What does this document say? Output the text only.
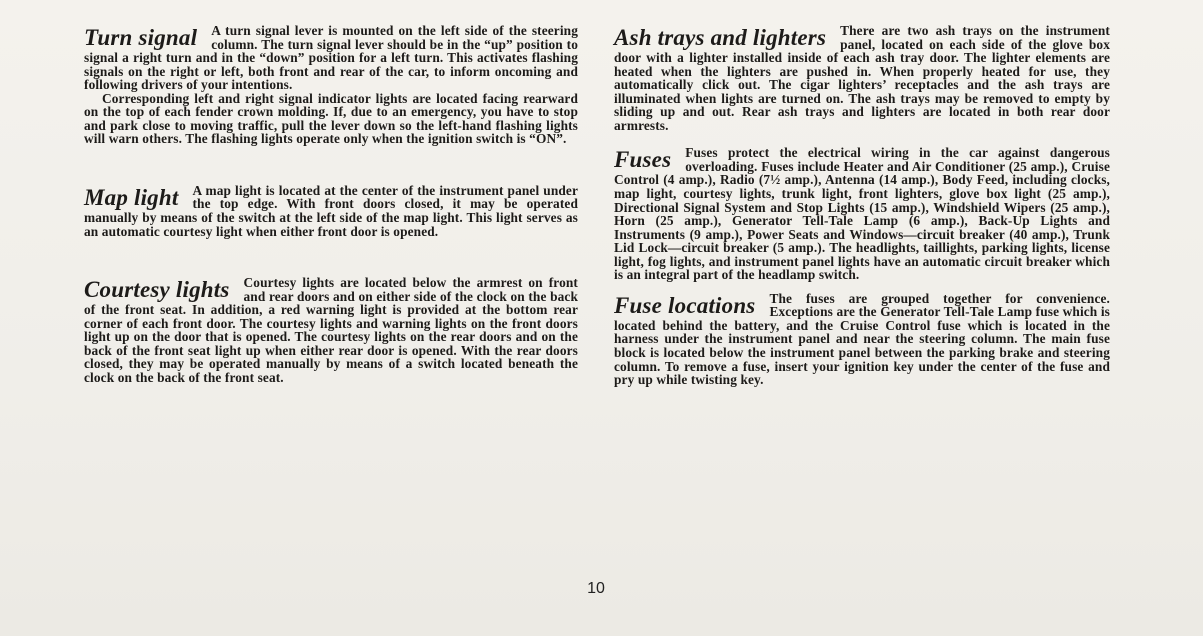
Turn signal	A turn signal lever is mounted on the left side of the steering column. The turn signal lever should be in the “up” position to signal a right turn and in the “down” position for a left turn. This activates flashing signals on the right or left, both front and rear of the car, to inform oncoming and following drivers of your intentions.

Corresponding left and right signal indicator lights are located facing rearward on the top of each fender crown molding. If, due to an emergency, you have to stop and park close to moving traffic, pull the lever down so the left-hand flashing lights will warn others. The flashing lights operate only when the ignition switch is “ON”.

Map light	A map light is located at the center of the instrument panel under the top edge. With front doors closed, it may be operated manually by means of the switch at the left side of the map light. This light serves as an automatic courtesy light when either front door is opened.

Courtesy lights	Courtesy lights are located below the armrest on front and rear doors and on either side of the clock on the back of the front seat. In addition, a red warning light is provided at the bottom rear corner of each front door. The courtesy lights and warning lights on the front doors light up on the door that is opened. The courtesy lights on the rear doors and on the back of the front seat light up when either rear door is opened. With the rear doors closed, they may be operated manually by means of a switch located beneath the clock on the back of the front seat.

Ash trays and lighters	There are two ash trays on the instrument panel, located on each side of the glove box door with a lighter installed inside of each ash tray door. The lighter elements are heated when the lighters are pushed in. When properly heated for use, they automatically click out. The cigar lighters’ receptacles and the ash trays are illuminated when lights are turned on. The ash trays may be removed to empty by sliding up and out. Rear ash trays and lighters are located in both rear door armrests.

Fuses	Fuses protect the electrical wiring in the car against dangerous overloading. Fuses include Heater and Air Conditioner (25 amp.), Cruise Control (4 amp.), Radio (7½ amp.), Antenna (14 amp.), Body Feed, including clocks, map light, courtesy lights, trunk light, front lighters, glove box light (25 amp.), Directional Signal System and Stop Lights (15 amp.), Windshield Wipers (25 amp.), Horn (25 amp.), Generator Tell-Tale Lamp (6 amp.), Back-Up Lights and Instruments (9 amp.), Power Seats and Windows—circuit breaker (40 amp.), Trunk Lid Lock—circuit breaker (5 amp.). The headlights, taillights, parking lights, license light, fog lights, and instrument panel lights have an automatic circuit breaker which is an integral part of the headlamp switch.

Fuse locations	The fuses are grouped together for convenience. Exceptions are the Generator Tell-Tale Lamp fuse which is located behind the battery, and the Cruise Control fuse which is located in the harness under the instrument panel and near the steering column. The main fuse block is located below the instrument panel between the parking brake and steering column. To remove a fuse, insert your ignition key under the center of the fuse and pry up while twisting key.

10
